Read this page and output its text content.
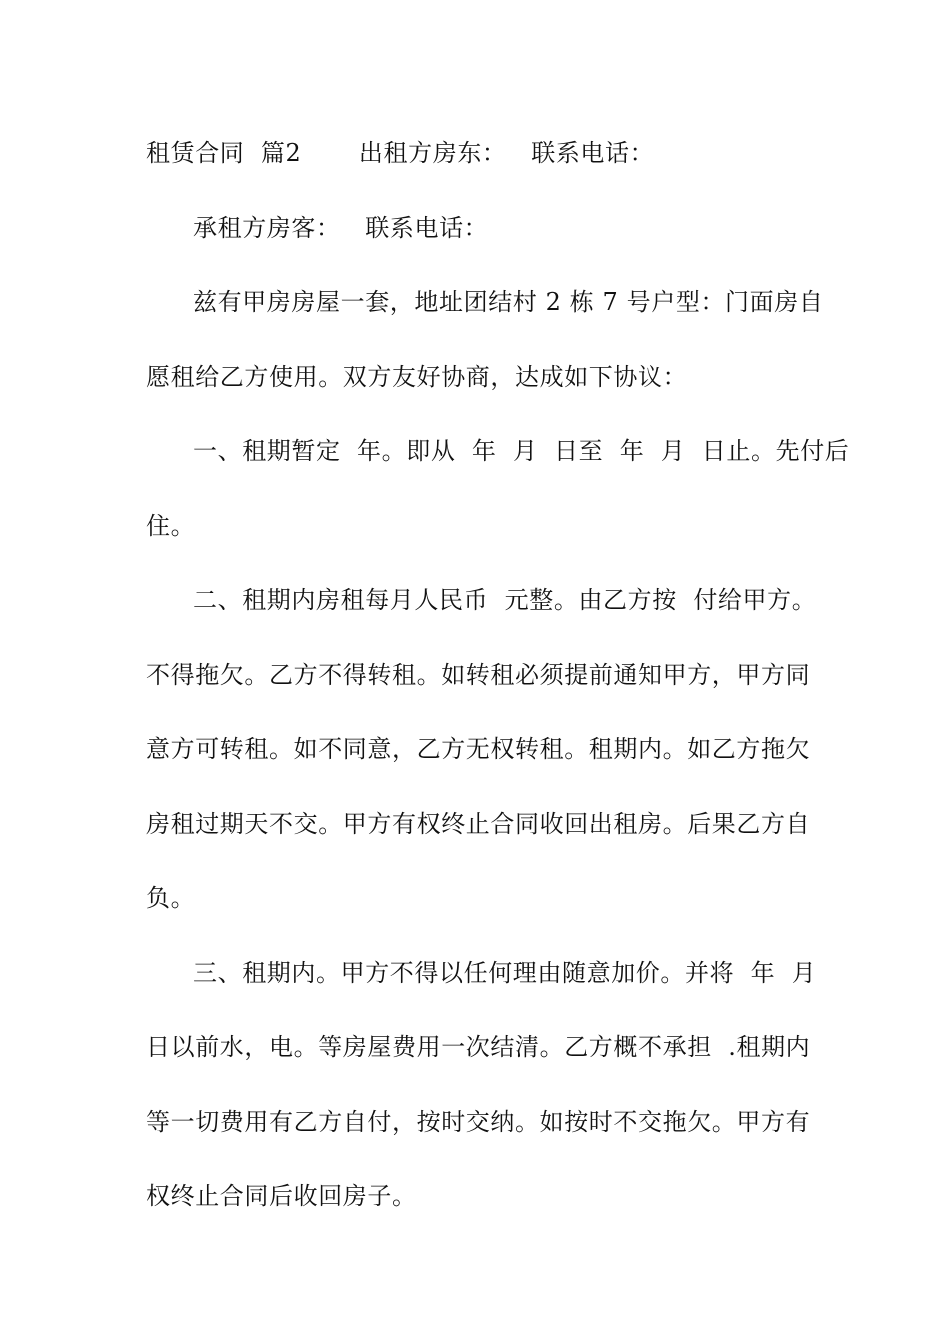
租赁合同  篇2       出租方房东：   联系电话：
承租方房客：   联系电话：
兹有甲房房屋一套，地址团结村 2 栋 7 号户型：门面房自
愿租给乙方使用。双方友好协商，达成如下协议：
一、租期暂定  年。即从  年  月  日至  年  月  日止。先付后
住。
二、租期内房租每月人民币  元整。由乙方按  付给甲方。
不得拖欠。乙方不得转租。如转租必须提前通知甲方，甲方同
意方可转租。如不同意，乙方无权转租。租期内。如乙方拖欠
房租过期天不交。甲方有权终止合同收回出租房。后果乙方自
负。
三、租期内。甲方不得以任何理由随意加价。并将  年  月
日以前水，电。等房屋费用一次结清。乙方概不承担  .租期内
等一切费用有乙方自付，按时交纳。如按时不交拖欠。甲方有
权终止合同后收回房子。
